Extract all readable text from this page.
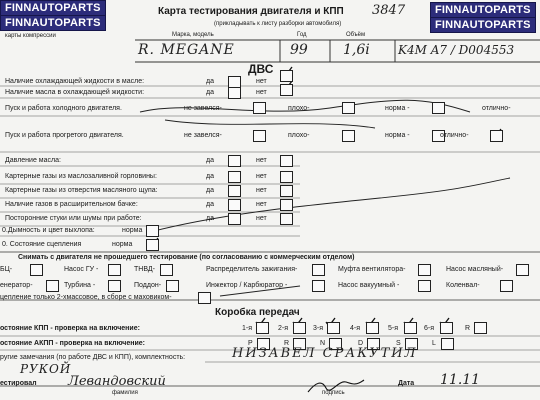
FINNAUTOPARTS
FINNAUTOPARTS
карты компрессии
FINNAUTOPARTS
FINNAUTOPARTS
Карта тестирования двигателя и КПП 3847
(прикладывать к листу разборки автомобиля)
Марка, модель	Год	Объём
R. MEGANE	99	1,6i K4M A7 / D004553
ДВС
Наличие охлаждающей жидкости в масле:	да	нет
Наличие масла в охлаждающей жидкости:	да	нет
Пуск и работа холодного двигателя.	не завелся-	плохо-	норма -	отлично-
Пуск и работа прогретого двигателя.	не завелся-	плохо-	норма -	отлично-
Давление масла:	да	нет
Картерные газы из маслозаливной горловины:	да	нет
Картерные газы из отверстия масляного щупа:	да	нет
Наличие газов в расширительном бачке:	да	нет
Посторонние стуки или шумы при работе:	да	нет
0.Дымность и цвет выхлопа:	норма
0. Состояние сцепления	норма
Снимать с двигателя не прошедшего тестирование (по согласованию с коммерческим отделом)
БЦ-	Насос ГУ -	ТНВД-	Распределитель зажигания-	Муфта вентилятора-	Насос масляный-
енератор-	Турбина -	Поддон-	Инжектор / Карбюратор -	Насос вакуумный -	Коленвал-
цепление только 2-хмассовое, в сборе с маховиком-
Коробка передач
остояние КПП - проверка на включение:	1-я	2-я	3-я	4-я	5-я	6-я	R
остояние АКПП - проверка на включение:	P	R	N	D	S	L
ругие замечания (по работе ДВС и КПП), комплектность:	НИЗАВЕЛ СРАКУТИЛ
РУКОЙ
естировал Левандовский
фамилия	подпись
Дата 11.11
